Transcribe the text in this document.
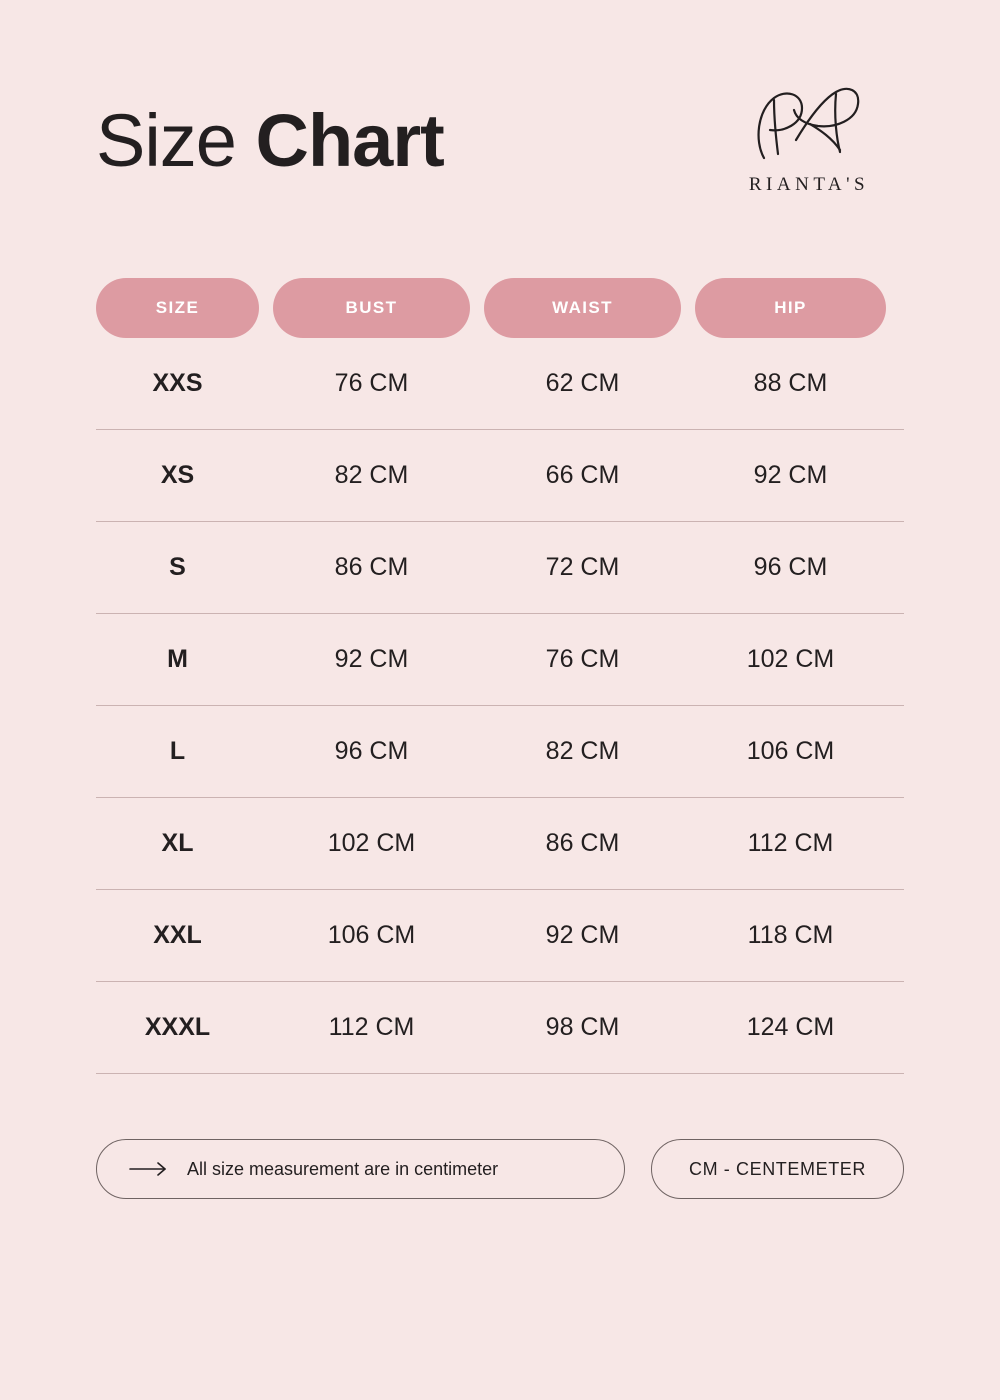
Size Chart
RIANTA'S
SIZE	BUST	WAIST	HIP
XXS	76 CM	62 CM	88 CM
XS	82 CM	66 CM	92 CM
S	86 CM	72 CM	96 CM
M	92 CM	76 CM	102 CM
L	96 CM	82 CM	106 CM
XL	102 CM	86 CM	112 CM
XXL	106 CM	92 CM	118 CM
XXXL	112 CM	98 CM	124 CM
All size measurement are in centimeter	CM - CENTEMETER
